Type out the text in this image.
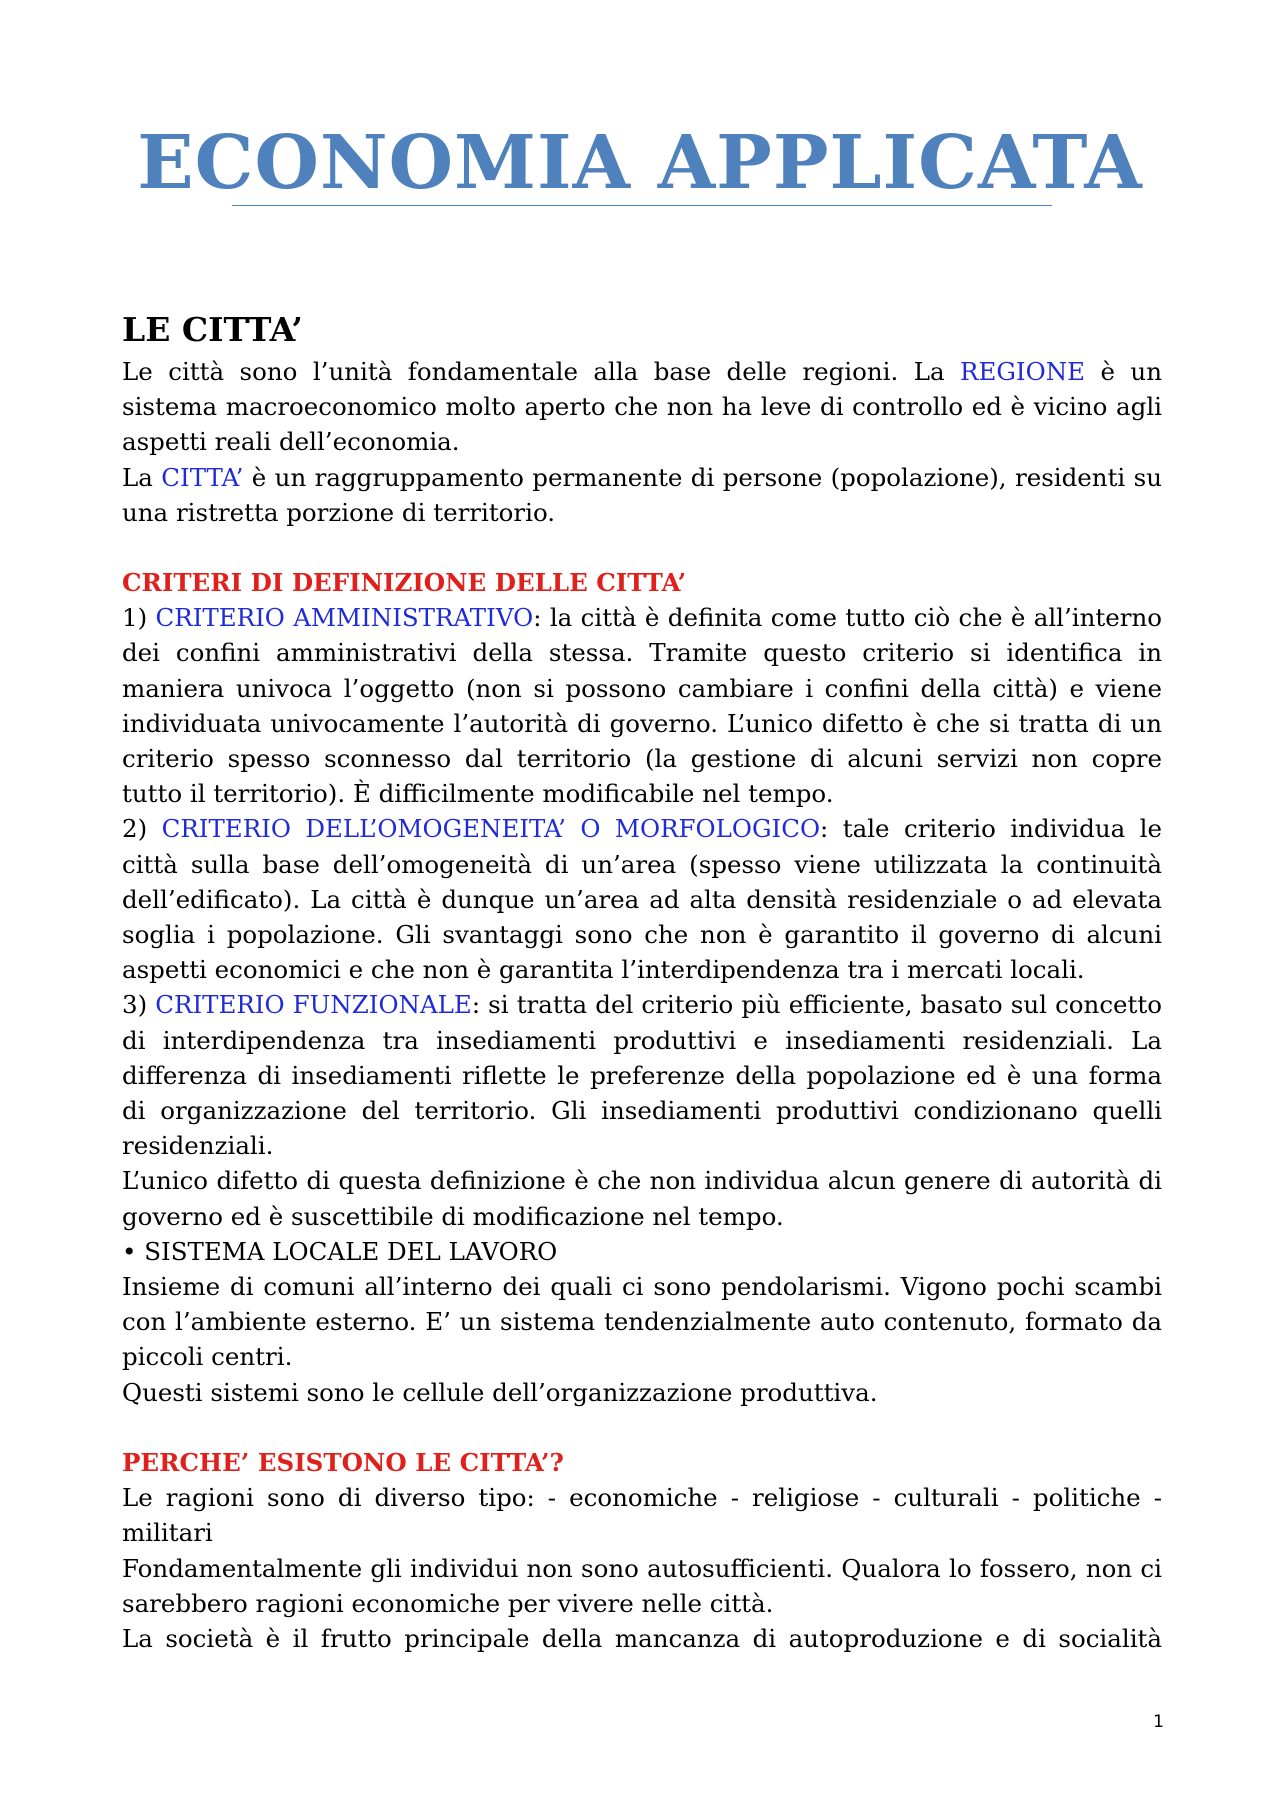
ECONOMIA APPLICATA
LE CITTA’

Le città sono l’unità fondamentale alla base delle regioni. La REGIONE è un sistema macroeconomico molto aperto che non ha leve di controllo ed è vicino agli aspetti reali dell’economia.

La CITTA’ è un raggruppamento permanente di persone (popolazione), residenti su una ristretta porzione di territorio.

CRITERI DI DEFINIZIONE DELLE CITTA’

1) CRITERIO AMMINISTRATIVO: la città è definita come tutto ciò che è all’interno dei confini amministrativi della stessa. Tramite questo criterio si identifica in maniera univoca l’oggetto (non si possono cambiare i confini della città) e viene individuata univocamente l’autorità di governo. L’unico difetto è che si tratta di un criterio spesso sconnesso dal territorio (la gestione di alcuni servizi non copre tutto il territorio). È difficilmente modificabile nel tempo.

2) CRITERIO DELL’OMOGENEITA’ O MORFOLOGICO: tale criterio individua le città sulla base dell’omogeneità di un’area (spesso viene utilizzata la continuità dell’edificato). La città è dunque un’area ad alta densità residenziale o ad elevata soglia i popolazione. Gli svantaggi sono che non è garantito il governo di alcuni aspetti economici e che non è garantita l’interdipendenza tra i mercati locali.

3) CRITERIO FUNZIONALE: si tratta del criterio più efficiente, basato sul concetto di interdipendenza tra insediamenti produttivi e insediamenti residenziali. La differenza di insediamenti riflette le preferenze della popolazione ed è una forma di organizzazione del territorio. Gli insediamenti produttivi condizionano quelli residenziali.

L’unico difetto di questa definizione è che non individua alcun genere di autorità di governo ed è suscettibile di modificazione nel tempo.

• SISTEMA LOCALE DEL LAVORO

Insieme di comuni all’interno dei quali ci sono pendolarismi. Vigono pochi scambi con l’ambiente esterno. E’ un sistema tendenzialmente auto contenuto, formato da piccoli centri.

Questi sistemi sono le cellule dell’organizzazione produttiva.

PERCHE’ ESISTONO LE CITTA’?

Le ragioni sono di diverso tipo: - economiche - religiose - culturali - politiche - militari

Fondamentalmente gli individui non sono autosufficienti. Qualora lo fossero, non ci sarebbero ragioni economiche per vivere nelle città.

La società è il frutto principale della mancanza di autoproduzione e di socialità

1
